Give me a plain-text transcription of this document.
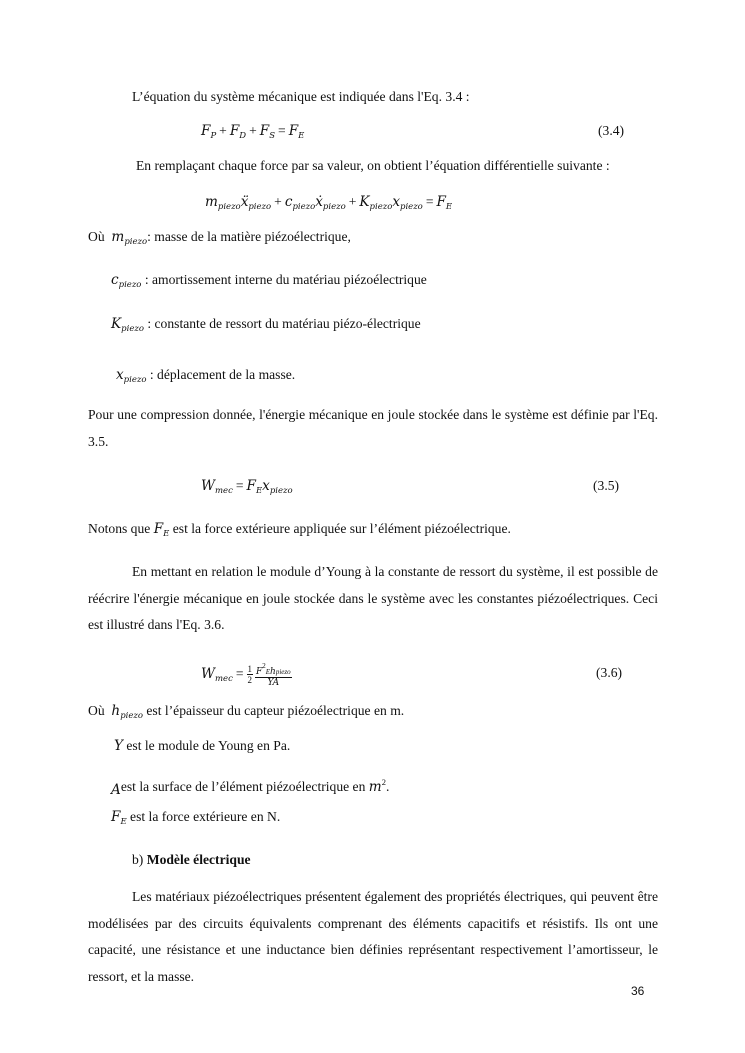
L’équation du système mécanique est indiquée dans l'Eq. 3.4 :
$F_P + F_D + F_S = F_E$	(3.4)
En remplaçant chaque force par sa valeur, on obtient l’équation différentielle suivante :
$m_{piezo}ẍ_{piezo}$ + $c_{piezo}ẋ_{piezo} + K_{piezo}x_{piezo} = F_E$
Où $m_{piezo}$: masse de la matière piézoélectrique,
$c_{piezo}$ : amortissement interne du matériau piézoélectrique
$K_{piezo}$ : constante de ressort du matériau piézo-électrique
$x_{piezo}$ : déplacement de la masse.
Pour une compression donnée, l'énergie mécanique en joule stockée dans le système est définie par l'Eq. 3.5.
$W_{mec} = F_Ex_{piezo}$	(3.5)
Notons que $F_E$ est la force extérieure appliquée sur l’élément piézoélectrique.
En mettant en relation le module d’Young à la constante de ressort du système, il est possible de réécrire l'énergie mécanique en joule stockée dans le système avec les constantes piézoélectriques. Ceci est illustré dans l'Eq. 3.6.
$W_{mec} = \frac{1}{2} \frac{F^2Ehpiezo}{YA}$	(3.6)
Où $h_{piezo}$ est l’épaisseur du capteur piézoélectrique en m.
Y est le module de Young en Pa.
Aest la surface de l’élément piézoélectrique en $m^2$.
$F_E$ est la force extérieure en N.
b) Modèle électrique
Les matériaux piézoélectriques présentent également des propriétés électriques, qui peuvent être modélisées par des circuits équivalents comprenant des éléments capacitifs et résistifs. Ils ont une capacité, une résistance et une inductance bien définies représentant respectivement l’amortisseur, le ressort, et la masse.
36
